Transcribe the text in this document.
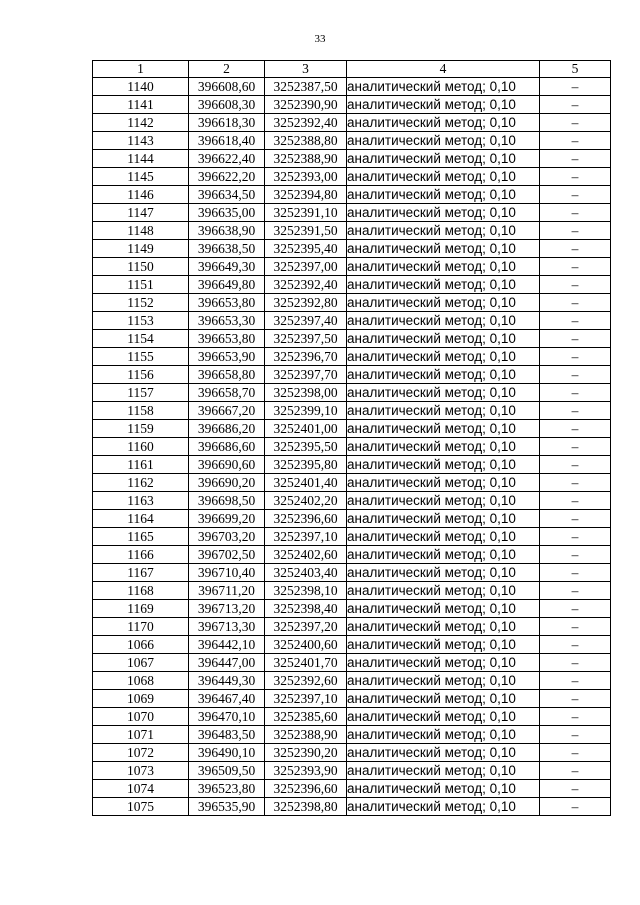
33
1	2	3	4	5
1140	396608,60	3252387,50	аналитический метод; 0,10	–
1141	396608,30	3252390,90	аналитический метод; 0,10	–
1142	396618,30	3252392,40	аналитический метод; 0,10	–
1143	396618,40	3252388,80	аналитический метод; 0,10	–
1144	396622,40	3252388,90	аналитический метод; 0,10	–
1145	396622,20	3252393,00	аналитический метод; 0,10	–
1146	396634,50	3252394,80	аналитический метод; 0,10	–
1147	396635,00	3252391,10	аналитический метод; 0,10	–
1148	396638,90	3252391,50	аналитический метод; 0,10	–
1149	396638,50	3252395,40	аналитический метод; 0,10	–
1150	396649,30	3252397,00	аналитический метод; 0,10	–
1151	396649,80	3252392,40	аналитический метод; 0,10	–
1152	396653,80	3252392,80	аналитический метод; 0,10	–
1153	396653,30	3252397,40	аналитический метод; 0,10	–
1154	396653,80	3252397,50	аналитический метод; 0,10	–
1155	396653,90	3252396,70	аналитический метод; 0,10	–
1156	396658,80	3252397,70	аналитический метод; 0,10	–
1157	396658,70	3252398,00	аналитический метод; 0,10	–
1158	396667,20	3252399,10	аналитический метод; 0,10	–
1159	396686,20	3252401,00	аналитический метод; 0,10	–
1160	396686,60	3252395,50	аналитический метод; 0,10	–
1161	396690,60	3252395,80	аналитический метод; 0,10	–
1162	396690,20	3252401,40	аналитический метод; 0,10	–
1163	396698,50	3252402,20	аналитический метод; 0,10	–
1164	396699,20	3252396,60	аналитический метод; 0,10	–
1165	396703,20	3252397,10	аналитический метод; 0,10	–
1166	396702,50	3252402,60	аналитический метод; 0,10	–
1167	396710,40	3252403,40	аналитический метод; 0,10	–
1168	396711,20	3252398,10	аналитический метод; 0,10	–
1169	396713,20	3252398,40	аналитический метод; 0,10	–
1170	396713,30	3252397,20	аналитический метод; 0,10	–
1066	396442,10	3252400,60	аналитический метод; 0,10	–
1067	396447,00	3252401,70	аналитический метод; 0,10	–
1068	396449,30	3252392,60	аналитический метод; 0,10	–
1069	396467,40	3252397,10	аналитический метод; 0,10	–
1070	396470,10	3252385,60	аналитический метод; 0,10	–
1071	396483,50	3252388,90	аналитический метод; 0,10	–
1072	396490,10	3252390,20	аналитический метод; 0,10	–
1073	396509,50	3252393,90	аналитический метод; 0,10	–
1074	396523,80	3252396,60	аналитический метод; 0,10	–
1075	396535,90	3252398,80	аналитический метод; 0,10	–
